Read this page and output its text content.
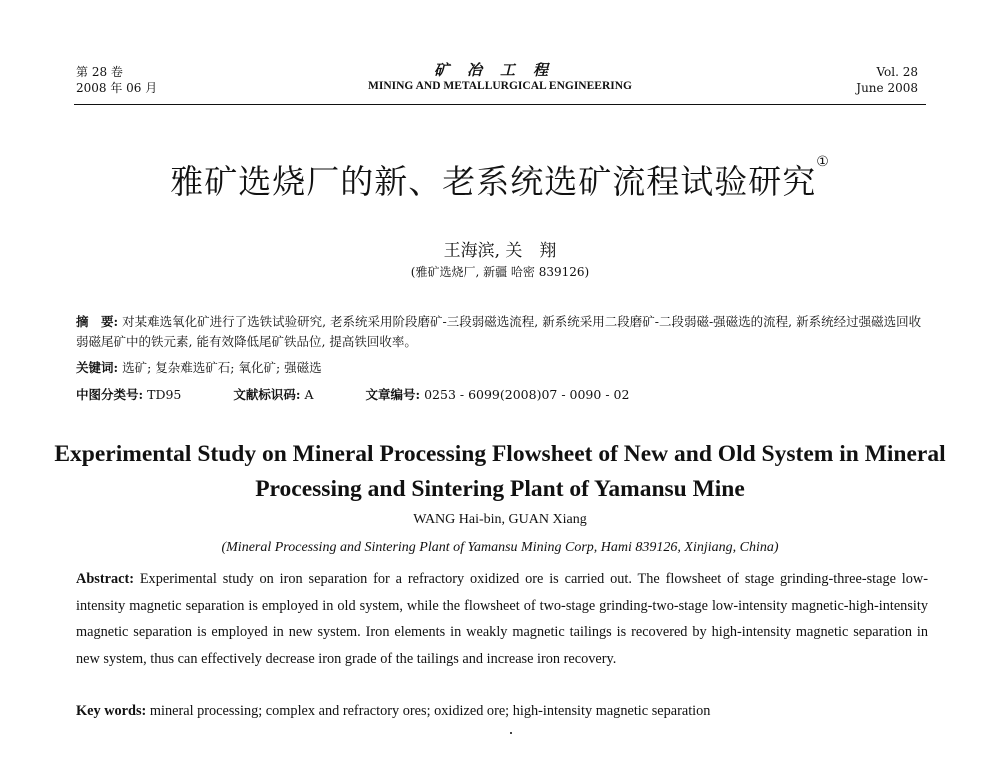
第 28 卷
2008 年 06 月
矿冶工程
MINING AND METALLURGICAL ENGINEERING
Vol. 28
June 2008
雅矿选烧厂的新、老系统选矿流程试验研究①
王海滨, 关　翔
(雅矿选烧厂, 新疆 哈密 839126)
摘　要: 对某难选氧化矿进行了选铁试验研究, 老系统采用阶段磨矿-三段弱磁选流程, 新系统采用二段磨矿-二段弱磁-强磁选的流程, 新系统经过强磁选回收弱磁尾矿中的铁元素, 能有效降低尾矿铁品位, 提高铁回收率。
关键词: 选矿; 复杂难选矿石; 氧化矿; 强磁选
中图分类号: TD95	文献标识码: A	文章编号: 0253 - 6099(2008)07 - 0090 - 02
Experimental Study on Mineral Processing Flowsheet of New and Old System in Mineral Processing and Sintering Plant of Yamansu Mine
WANG Hai-bin, GUAN Xiang
(Mineral Processing and Sintering Plant of Yamansu Mining Corp, Hami 839126, Xinjiang, China)
Abstract: Experimental study on iron separation for a refractory oxidized ore is carried out. The flowsheet of stage grinding-three-stage low-intensity magnetic separation is employed in old system, while the flowsheet of two-stage grinding-two-stage low-intensity magnetic-high-intensity magnetic separation is employed in new system. Iron elements in weakly magnetic tailings is recovered by high-intensity magnetic separation in new system, thus can effectively decrease iron grade of the tailings and increase iron recovery.
Key words: mineral processing; complex and refractory ores; oxidized ore; high-intensity magnetic separation
